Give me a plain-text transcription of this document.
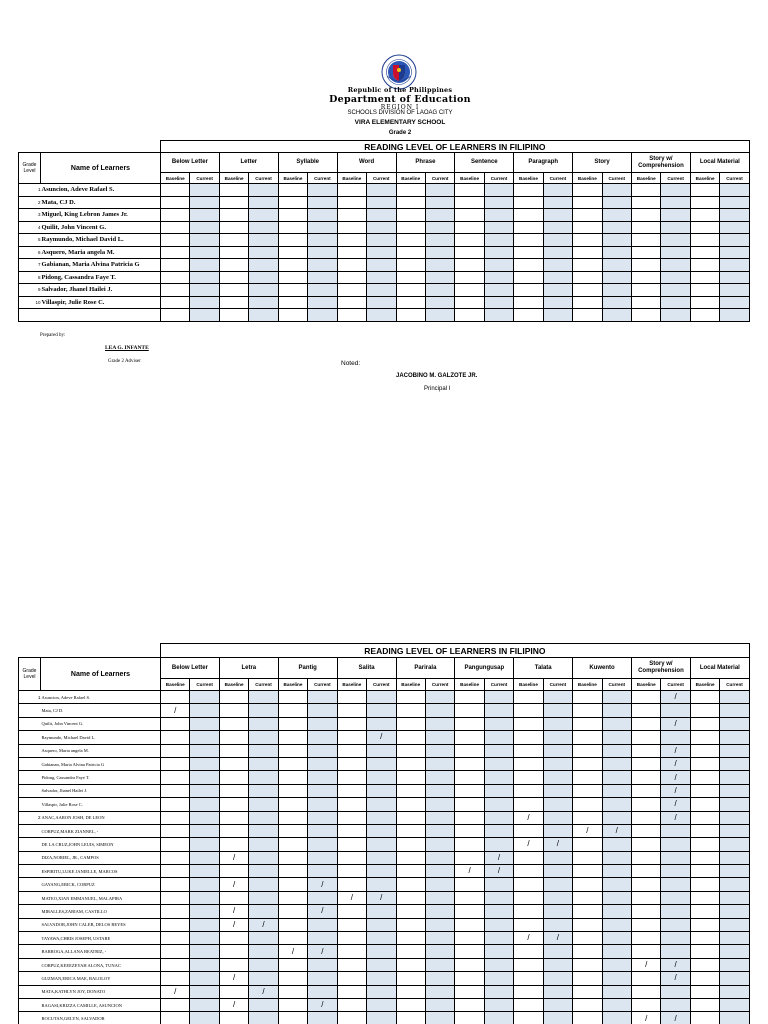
Republic of the Philippines
Department of Education
REGION I
SCHOOLS DIVISION OF LAOAG CITY
VIRA ELEMENTARY SCHOOL
Grade 2
		READING LEVEL OF LEARNERS IN FILIPINO																			
Grade Level	Name of Learners	Below Letter		Letter		Syllable		Word		Phrase		Sentence		Paragraph		Story		Story w/ Comprehension		Local Material	
		Baseline	Current	Baseline	Current	Baseline	Current	Baseline	Current	Baseline	Current	Baseline	Current	Baseline	Current	Baseline	Current	Baseline	Current	Baseline	Current
1	Asuncion, Adeve Rafael S.																				
2	Mata, CJ D.																				
3	Miguel, King Lebron James Jr.																				
4	Quilit, John Vincent G.																				
5	Raymundo, Michael David L.																				
6	Asquero, Maria angela M.																				
7	Gabianan, Maria Alvina Patricia G																				
8	Pidong, Cassandra Faye T.																				
9	Salvador, Jhanel Hailei J.																				
10	Villaspir, Julie Rose C.																				

Prepared by:
LEA G. INFANTE
Grade 2 Adviser	Noted:
JACOBINO M. GALZOTE JR.
Principal I
		READING LEVEL OF LEARNERS IN FILIPINO																			
Grade Level	Name of Learners	Below Letter		Letra		Pantig		Salita		Parirala		Pangungusap		Talata		Kuwento		Story w/ Comprehension		Local Material	
		Baseline	Current	Baseline	Current	Baseline	Current	Baseline	Current	Baseline	Current	Baseline	Current	Baseline	Current	Baseline	Current	Baseline	Current	Baseline	Current
1	Asuncion, Adeve Rafael S.																		/		
	Mata, CJ D.	/																			
	Quilit, John Vincent G.																		/		
	Raymundo, Michael David L.								/												
	Asquero, Maria angela M.																		/		
	Gabianan, Maria Alvina Patricia G																		/		
	Pidong, Cassandra Faye T.																		/		
	Salvador, Jhanel Hailei J.																		/		
	Villaspir, Julie Rose C.																		/		
2	ANAC,AARON JOSH, DE LEON													/					/		
	CORPUZ,MARK ZIANNEL, -															/	/				
	DE LA CRUZ,JOHN LEUIS, SIMEON													/	/						
	DIZA,NORIEL, JR., CAMPOS			/									/								
	ESPIRITU,LUKE JANIELLE, MARCOS											/	/								
	GAYANG,ERICK, CORPUZ			/			/														
	MATEO,XIAN EMMANUEL, MALAPIRA							/	/												
	MIRALLES,ZABIAM, CASTILLO			/			/														
	SALVADOR,JOHN CALEB, DELOS REYES			/	/																
	TAYAWA,CHRIS JOSEPH, USTARE													/	/						
	BARROGA,ALLANA BEATRIZ, -					/	/														
	CORPUZ,KEEEZEYAH ALONA, TUNAC																	/	/		
	GUZMAN,ERICA MAE, BALOLOY			/															/		
	MATA,KATHLYN JOY, DONATO	/			/																
	RAGASI,KRIZZA CAMILLE, ASUNCION			/			/														
	ROCUTAN,GELYN, SALVADOR																	/	/		
